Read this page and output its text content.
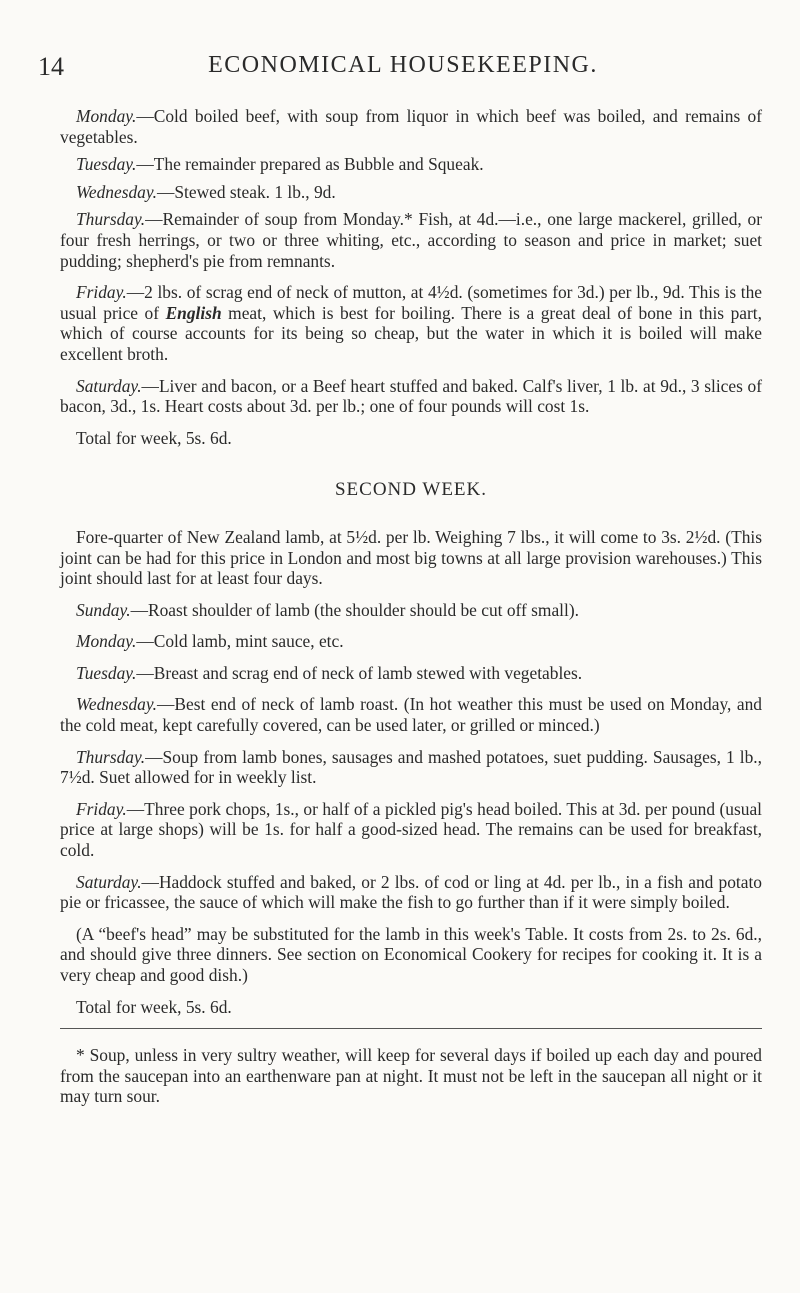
14	ECONOMICAL HOUSEKEEPING.

Monday.—Cold boiled beef, with soup from liquor in which beef was boiled, and remains of vegetables.

Tuesday.—The remainder prepared as Bubble and Squeak.

Wednesday.—Stewed steak. 1 lb., 9d.

Thursday.—Remainder of soup from Monday.* Fish, at 4d.—i.e., one large mackerel, grilled, or four fresh herrings, or two or three whiting, etc., according to season and price in market; suet pudding; shepherd's pie from remnants.

Friday.—2 lbs. of scrag end of neck of mutton, at 4½d. (sometimes for 3d.) per lb., 9d. This is the usual price of English meat, which is best for boiling. There is a great deal of bone in this part, which of course accounts for its being so cheap, but the water in which it is boiled will make excellent broth.

Saturday.—Liver and bacon, or a Beef heart stuffed and baked. Calf's liver, 1 lb. at 9d., 3 slices of bacon, 3d., 1s. Heart costs about 3d. per lb.; one of four pounds will cost 1s.

Total for week, 5s. 6d.

SECOND WEEK.

Fore-quarter of New Zealand lamb, at 5½d. per lb. Weighing 7 lbs., it will come to 3s. 2½d. (This joint can be had for this price in London and most big towns at all large provision warehouses.) This joint should last for at least four days.

Sunday.—Roast shoulder of lamb (the shoulder should be cut off small).

Monday.—Cold lamb, mint sauce, etc.

Tuesday.—Breast and scrag end of neck of lamb stewed with vegetables.

Wednesday.—Best end of neck of lamb roast. (In hot weather this must be used on Monday, and the cold meat, kept carefully covered, can be used later, or grilled or minced.)

Thursday.—Soup from lamb bones, sausages and mashed potatoes, suet pudding. Sausages, 1 lb., 7½d. Suet allowed for in weekly list.

Friday.—Three pork chops, 1s., or half of a pickled pig's head boiled. This at 3d. per pound (usual price at large shops) will be 1s. for half a good-sized head. The remains can be used for breakfast, cold.

Saturday.—Haddock stuffed and baked, or 2 lbs. of cod or ling at 4d. per lb., in a fish and potato pie or fricassee, the sauce of which will make the fish to go further than if it were simply boiled.

(A “beef's head” may be substituted for the lamb in this week's Table. It costs from 2s. to 2s. 6d., and should give three dinners. See section on Economical Cookery for recipes for cooking it. It is a very cheap and good dish.)

Total for week, 5s. 6d.

* Soup, unless in very sultry weather, will keep for several days if boiled up each day and poured from the saucepan into an earthenware pan at night. It must not be left in the saucepan all night or it may turn sour.
